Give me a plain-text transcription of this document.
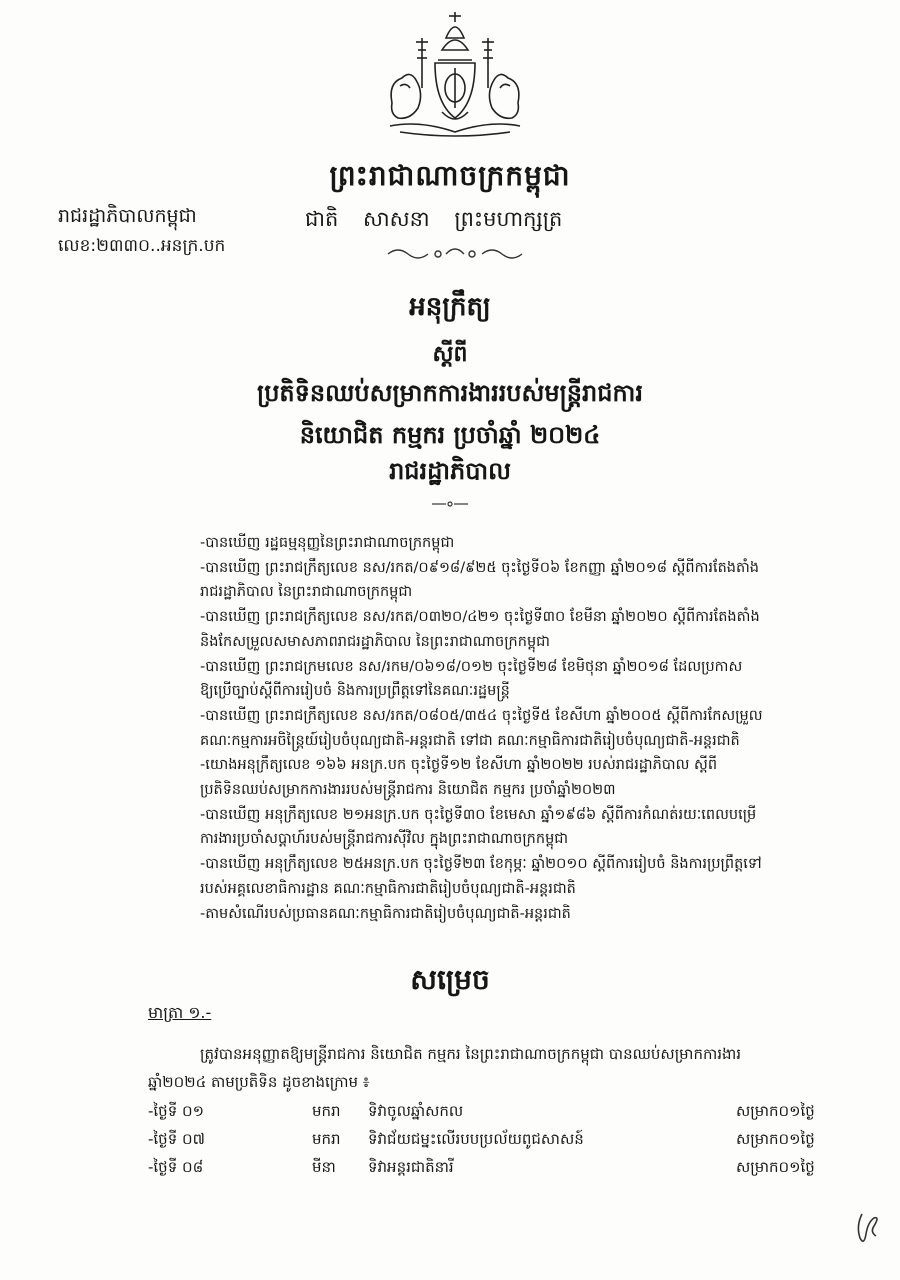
ព្រះរាជាណាចក្រកម្ពុជា
ជាតិ សាសនា ព្រះមហាក្សត្រ
រាជរដ្ឋាភិបាលកម្ពុជា
លេខ:២៣៣០..អនក្រ.បក
អនុក្រឹត្យ
ស្តីពី
ប្រតិទិនឈប់សម្រាកការងាររបស់មន្ត្រីរាជការ
និយោជិត កម្មករ ប្រចាំឆ្នាំ ២០២៤
រាជរដ្ឋាភិបាល
-បានឃើញ រដ្ឋធម្មនុញ្ញនៃព្រះរាជាណាចក្រកម្ពុជា
-បានឃើញ ព្រះរាជក្រឹត្យលេខ នស/រកត/០៩១៨/៩២៥ ចុះថ្ងៃទី០៦ ខែកញ្ញា ឆ្នាំ២០១៨ ស្តីពីការតែងតាំង
រាជរដ្ឋាភិបាល នៃព្រះរាជាណាចក្រកម្ពុជា
-បានឃើញ ព្រះរាជក្រឹត្យលេខ នស/រកត/០៣២០/៤២១ ចុះថ្ងៃទី៣០ ខែមីនា ឆ្នាំ២០២០ ស្តីពីការតែងតាំង
និងកែសម្រួលសមាសភាពរាជរដ្ឋាភិបាល នៃព្រះរាជាណាចក្រកម្ពុជា
-បានឃើញ ព្រះរាជក្រមលេខ នស/រកម/០៦១៨/០១២ ចុះថ្ងៃទី២៨ ខែមិថុនា ឆ្នាំ២០១៨ ដែលប្រកាស
ឱ្យប្រើច្បាប់ស្តីពីការរៀបចំ និងការប្រព្រឹត្តទៅនៃគណៈរដ្ឋមន្ត្រី
-បានឃើញ ព្រះរាជក្រឹត្យលេខ នស/រកត/០៨០៥/៣៥៤ ចុះថ្ងៃទី៥ ខែសីហា ឆ្នាំ២០០៥ ស្តីពីការកែសម្រួល
គណៈកម្មការអចិន្ត្រៃយ៍រៀបចំបុណ្យជាតិ-អន្តរជាតិ ទៅជា គណៈកម្មាធិការជាតិរៀបចំបុណ្យជាតិ-អន្តរជាតិ
-យោងអនុក្រឹត្យលេខ ១៦៦ អនក្រ.បក ចុះថ្ងៃទី១២ ខែសីហា ឆ្នាំ២០២២ របស់រាជរដ្ឋាភិបាល ស្តីពី
ប្រតិទិនឈប់សម្រាកការងាររបស់មន្ត្រីរាជការ និយោជិត កម្មករ ប្រចាំឆ្នាំ២០២៣
-បានឃើញ អនុក្រឹត្យលេខ ២១អនក្រ.បក ចុះថ្ងៃទី៣០ ខែមេសា ឆ្នាំ១៩៨៦ ស្តីពីការកំណត់រយៈពេលបម្រើ
ការងារប្រចាំសប្តាហ៍របស់មន្ត្រីរាជការស៊ីវិល ក្នុងព្រះរាជាណាចក្រកម្ពុជា
-បានឃើញ អនុក្រឹត្យលេខ ២៥អនក្រ.បក ចុះថ្ងៃទី២៣ ខែកុម្ភៈ ឆ្នាំ២០១០ ស្តីពីការរៀបចំ និងការប្រព្រឹត្តទៅ
របស់អគ្គលេខាធិការដ្ឋាន គណៈកម្មាធិការជាតិរៀបចំបុណ្យជាតិ-អន្តរជាតិ
-តាមសំណើរបស់ប្រធានគណៈកម្មាធិការជាតិរៀបចំបុណ្យជាតិ-អន្តរជាតិ
សម្រេច
មាត្រា ១.-

ត្រូវបានអនុញ្ញាតឱ្យមន្ត្រីរាជការ និយោជិត កម្មករ នៃព្រះរាជាណាចក្រកម្ពុជា បានឈប់សម្រាកការងារ
ឆ្នាំ២០២៤ តាមប្រតិទិន ដូចខាងក្រោម ៖

-ថ្ងៃទី ០១	មករា ទិវាចូលឆ្នាំសកល	សម្រាក០១ថ្ងៃ
-ថ្ងៃទី ០៧	មករា ទិវាជ័យជម្នះលើរបបប្រល័យពូជសាសន៍	សម្រាក០១ថ្ងៃ
-ថ្ងៃទី ០៨	មីនា ទិវាអន្តរជាតិនារី	សម្រាក០១ថ្ងៃ
